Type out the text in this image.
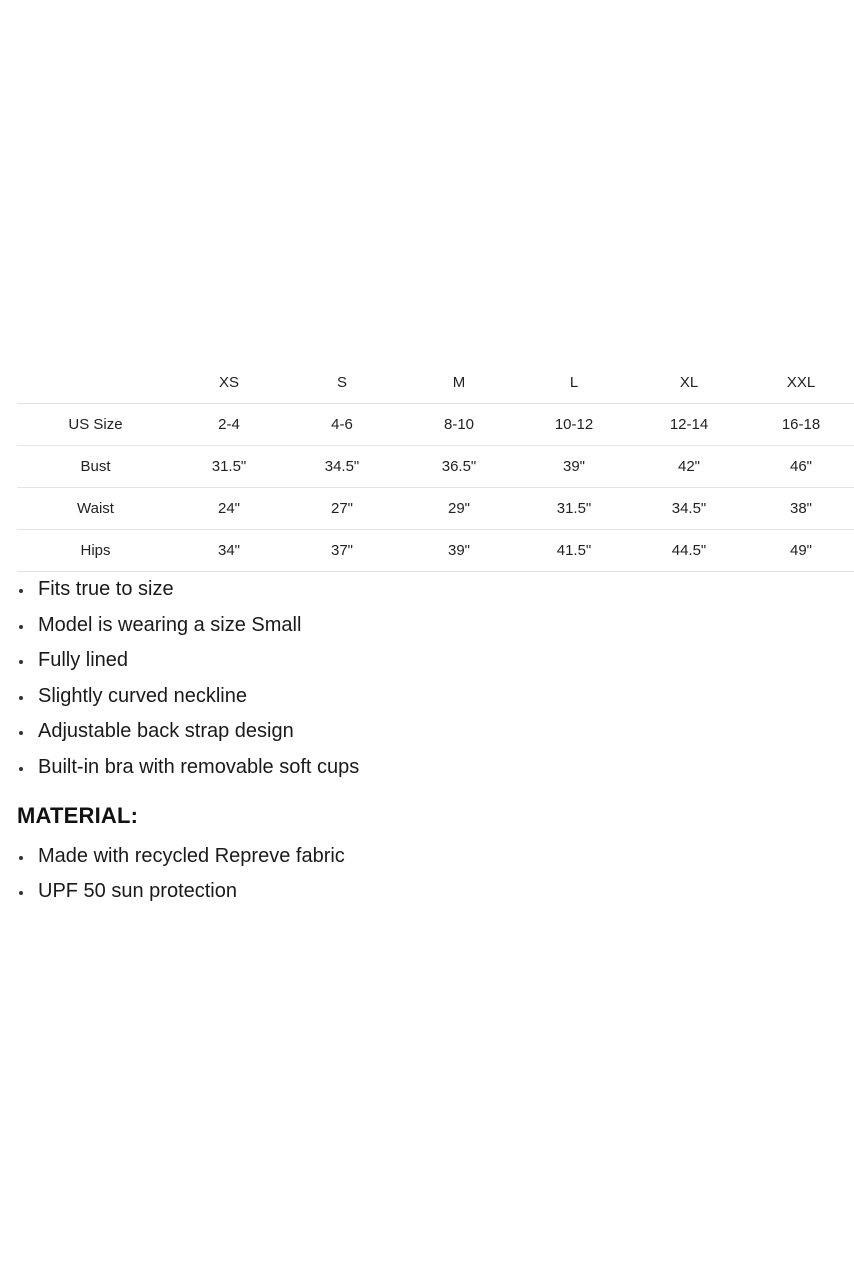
	XS	S	M	L	XL	XXL
US Size	2-4	4-6	8-10	10-12	12-14	16-18
Bust	31.5"	34.5"	36.5"	39"	42"	46"
Waist	24"	27"	29"	31.5"	34.5"	38"
Hips	34"	37"	39"	41.5"	44.5"	49"
Fits true to size
Model is wearing a size Small
Fully lined
Slightly curved neckline
Adjustable back strap design
Built-in bra with removable soft cups
MATERIAL:
Made with recycled Repreve fabric
UPF 50 sun protection
